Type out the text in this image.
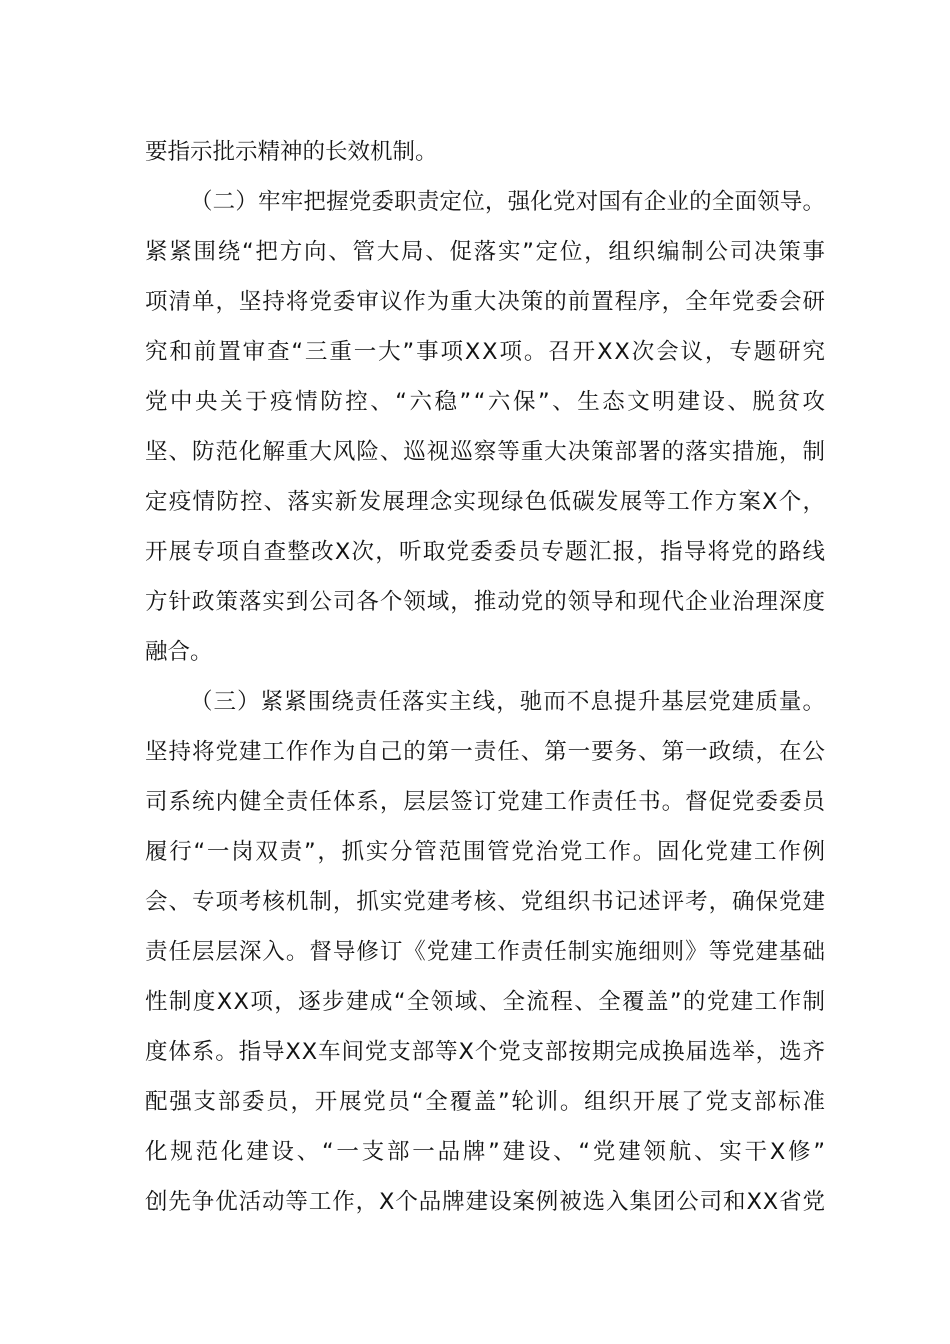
要指示批示精神的长效机制。
（二）牢牢把握党委职责定位，强化党对国有企业的全面领导。
紧紧围绕“把方向、管大局、促落实”定位，组织编制公司决策事
项清单，坚持将党委审议作为重大决策的前置程序，全年党委会研
究和前置审查“三重一大”事项XX项。召开XX次会议，专题研究
党中央关于疫情防控、“六稳”“六保”、生态文明建设、脱贫攻
坚、防范化解重大风险、巡视巡察等重大决策部署的落实措施，制
定疫情防控、落实新发展理念实现绿色低碳发展等工作方案X个，
开展专项自查整改X次，听取党委委员专题汇报，指导将党的路线
方针政策落实到公司各个领域，推动党的领导和现代企业治理深度
融合。
（三）紧紧围绕责任落实主线，驰而不息提升基层党建质量。
坚持将党建工作作为自己的第一责任、第一要务、第一政绩，在公
司系统内健全责任体系，层层签订党建工作责任书。督促党委委员
履行“一岗双责”，抓实分管范围管党治党工作。固化党建工作例
会、专项考核机制，抓实党建考核、党组织书记述评考，确保党建
责任层层深入。督导修订《党建工作责任制实施细则》等党建基础
性制度XX项，逐步建成“全领域、全流程、全覆盖”的党建工作制
度体系。指导XX车间党支部等X个党支部按期完成换届选举，选齐
配强支部委员，开展党员“全覆盖”轮训。组织开展了党支部标准
化规范化建设、“一支部一品牌”建设、“党建领航、实干X修”
创先争优活动等工作，X个品牌建设案例被选入集团公司和XX省党
